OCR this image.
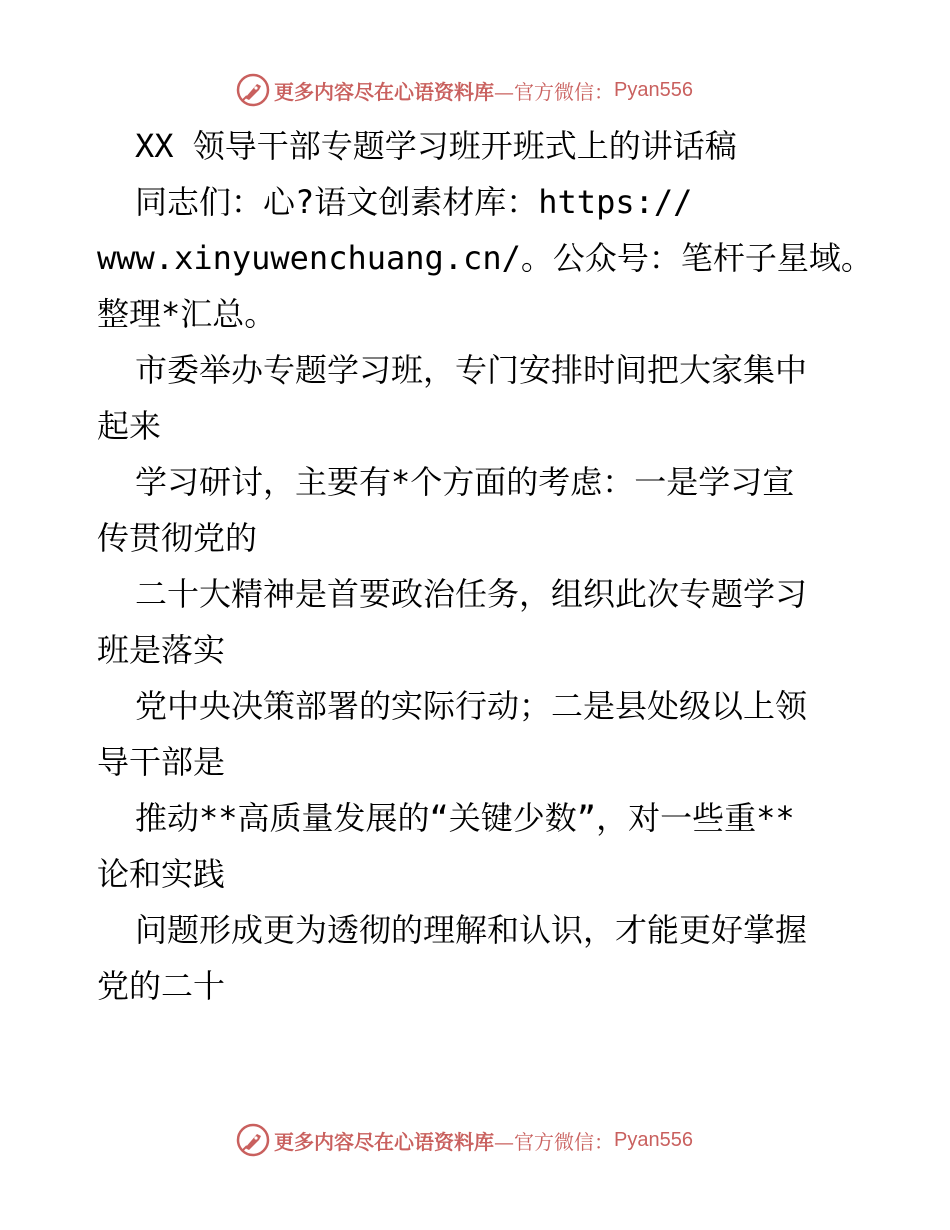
更多内容尽在心语资料库 —官方微信： Pyan556
XX 领导干部专题学习班开班式上的讲话稿
同志们：心?语文创素材库：https://
www.xinyuwenchuang.cn/。公众号：笔杆子星域。
整理*汇总。
市委举办专题学习班，专门安排时间把大家集中
起来
学习研讨，主要有*个方面的考虑：一是学习宣
传贯彻党的
二十大精神是首要政治任务，组织此次专题学习
班是落实
党中央决策部署的实际行动；二是县处级以上领
导干部是
推动**高质量发展的“关键少数”，对一些重**
论和实践
问题形成更为透彻的理解和认识，才能更好掌握
党的二十
更多内容尽在心语资料库 —官方微信： Pyan556
